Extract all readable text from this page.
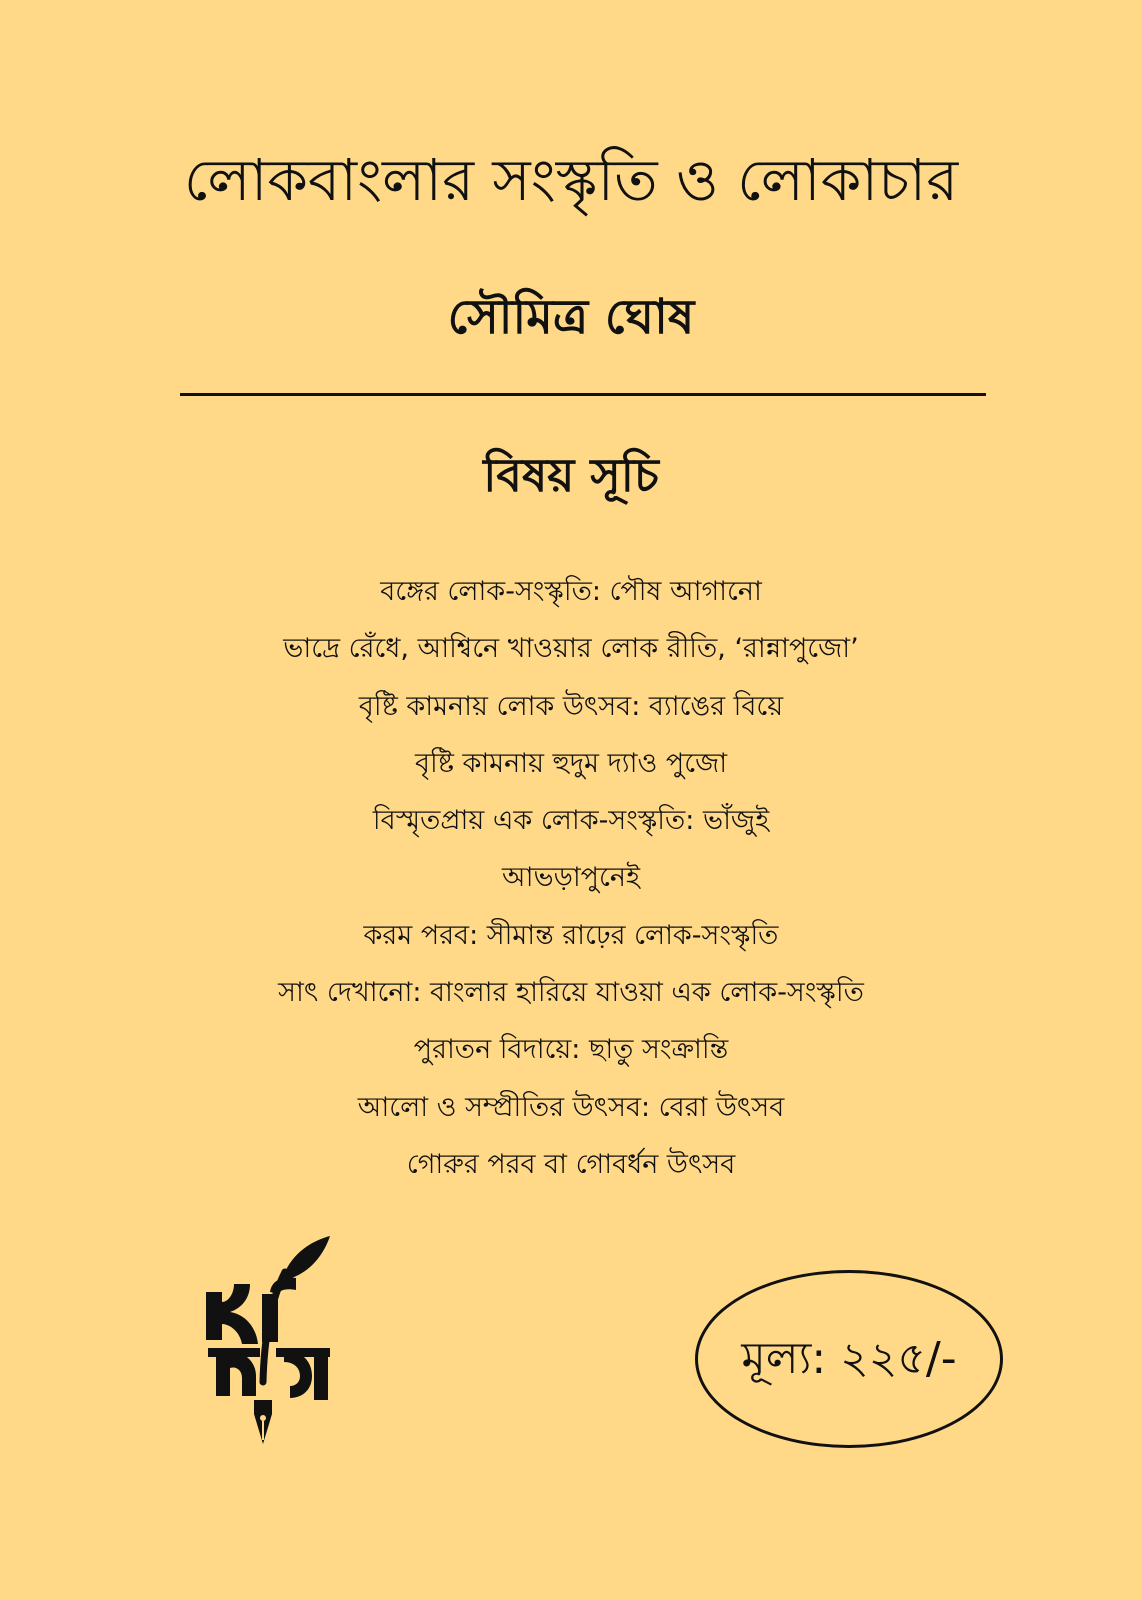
লোকবাংলার সংস্কৃতি ও লোকাচার
সৌমিত্র ঘোষ
বিষয় সূচি
বঙ্গের লোক-সংস্কৃতি: পৌষ আগানো
ভাদ্রে রেঁধে, আশ্বিনে খাওয়ার লোক রীতি, ‘রান্নাপুজো’
বৃষ্টি কামনায় লোক উৎসব: ব্যাঙের বিয়ে
বৃষ্টি কামনায় হুদুম দ্যাও পুজো
বিস্মৃতপ্রায় এক লোক-সংস্কৃতি: ভাঁজুই
আভড়াপুনেই
করম পরব: সীমান্ত রাঢ়ের লোক-সংস্কৃতি
সাৎ দেখানো: বাংলার হারিয়ে যাওয়া এক লোক-সংস্কৃতি
পুরাতন বিদায়ে: ছাতু সংক্রান্তি
আলো ও সম্প্রীতির উৎসব: বেরা উৎসব
গোরুর পরব বা গোবর্ধন উৎসব
মূল্য: ২২৫/-
